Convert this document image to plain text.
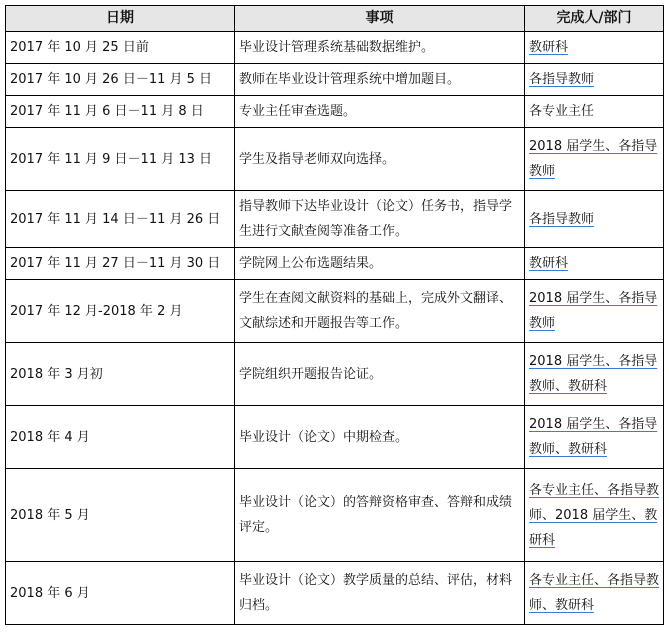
日期	事项	完成人/部门
2017 年 10 月 25 日前	毕业设计管理系统基础数据维护。	教研科
2017 年 10 月 26 日－11 月 5 日	教师在毕业设计管理系统中增加题目。	各指导教师
2017 年 11 月 6 日－11 月 8 日	专业主任审查选题。	各专业主任
2017 年 11 月 9 日－11 月 13 日	学生及指导老师双向选择。	2018 届学生、各指导教师
2017 年 11 月 14 日－11 月 26 日	指导教师下达毕业设计（论文）任务书，指导学生进行文献查阅等准备工作。	各指导教师
2017 年 11 月 27 日－11 月 30 日	学院网上公布选题结果。	教研科
2017 年 12 月-2018 年 2 月	学生在查阅文献资料的基础上，完成外文翻译、文献综述和开题报告等工作。	2018 届学生、各指导教师
2018 年 3 月初	学院组织开题报告论证。	2018 届学生、各指导教师、教研科
2018 年 4 月	毕业设计（论文）中期检查。	2018 届学生、各指导教师、教研科
2018 年 5 月	毕业设计（论文）的答辩资格审查、答辩和成绩评定。	各专业主任、各指导教师、2018 届学生、教研科
2018 年 6 月	毕业设计（论文）教学质量的总结、评估，材料归档。	各专业主任、各指导教师、教研科
